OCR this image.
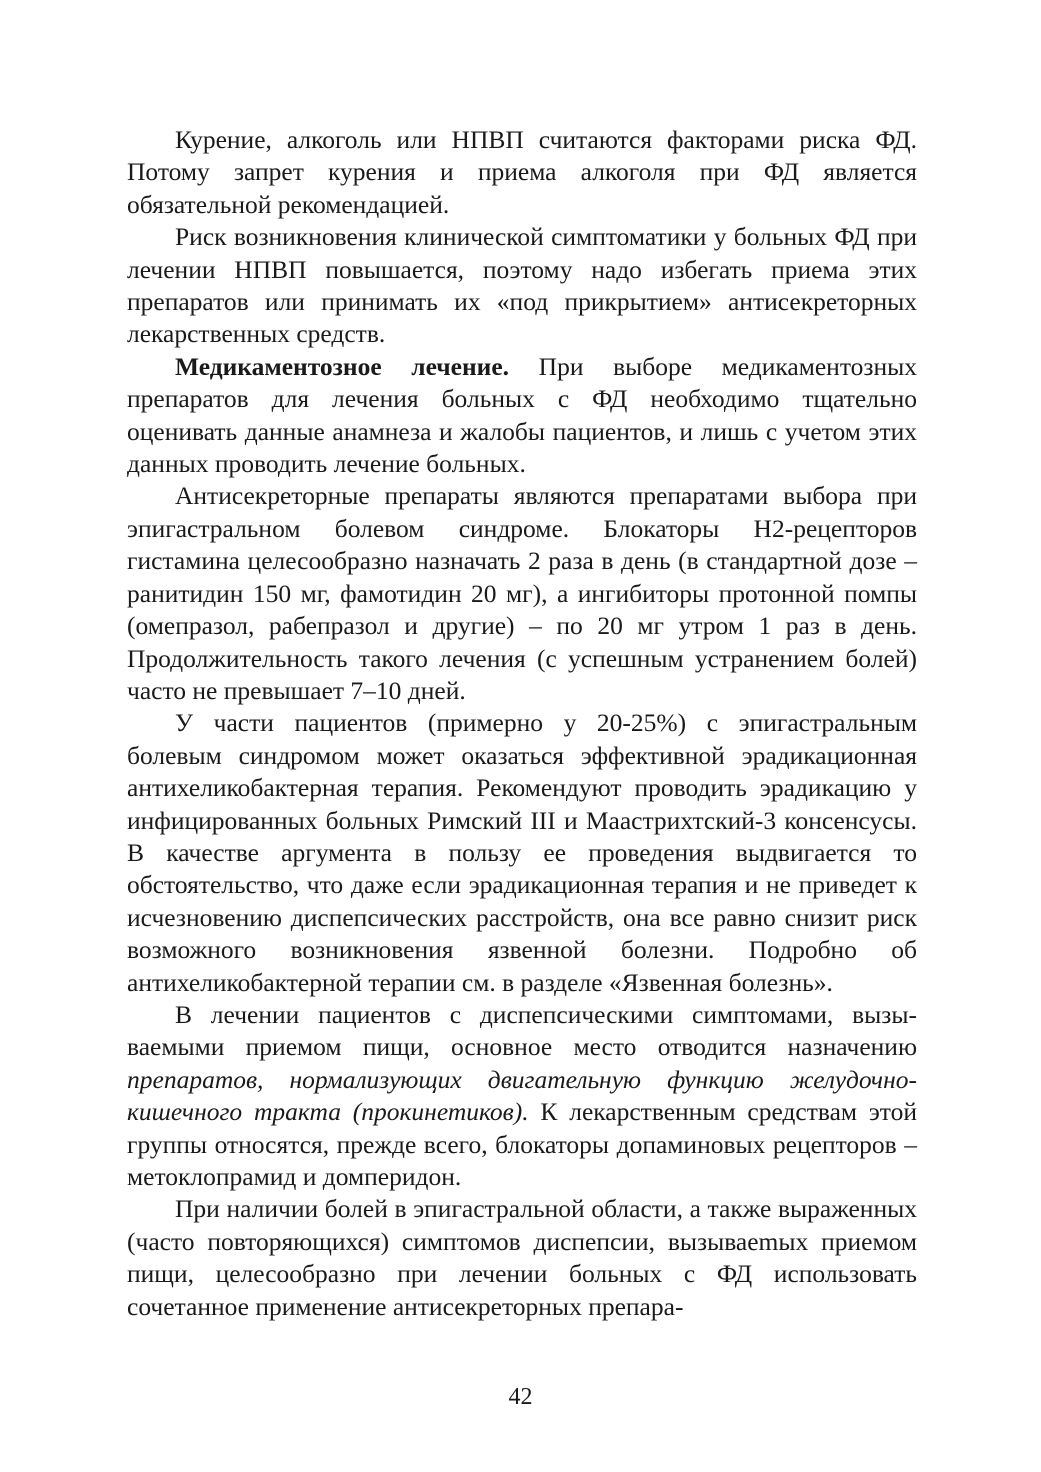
Курение, алкоголь или НПВП считаются факторами риска ФД. Потому запрет курения и приема алкоголя при ФД является обязательной рекомендацией.

Риск возникновения клинической симптоматики у больных ФД при лечении НПВП повышается, поэтому надо избегать приема этих препаратов или принимать их «под прикрытием» антисекреторных лекарственных средств.

Медикаментозное лечение. При выборе медикаментозных препаратов для лечения больных с ФД необходимо тщательно оценивать данные анамнеза и жалобы пациентов, и лишь с учетом этих данных проводить лечение больных.

Антисекреторные препараты являются препаратами выбора при эпигастральном болевом синдроме. Блокаторы H2-рецепторов гистамина целесообразно назначать 2 раза в день (в стандартной дозе – ранитидин 150 мг, фамотидин 20 мг), а ингибиторы протонной помпы (омепразол, рабепразол и другие) – по 20 мг утром 1 раз в день. Продолжительность такого лечения (с успешным устранением болей) часто не превышает 7–10 дней.

У части пациентов (примерно у 20-25%) с эпигастральным болевым синдромом может оказаться эффективной эрадикационная антихеликобактерная терапия. Рекомендуют проводить эрадикацию у инфицированных больных Римский III и Маастрихтский-3 консенсусы. В качестве аргумента в пользу ее проведения выдвигается то обстоятельство, что даже если эрадикационная терапия и не приведет к исчезновению диспепсических расстройств, она все равно снизит риск возможного возникновения язвенной болезни. Подробно об антихеликобактерной терапии см. в разделе «Язвенная болезнь».

В лечении пациентов с диспепсическими симптомами, вызываемыми приемом пищи, основное место отводится назначению препаратов, нормализующих двигательную функцию желудочно-кишечного тракта (прокинетиков). К лекарственным средствам этой группы относятся, прежде всего, блокаторы допаминовых рецепторов – метоклопрамид и домперидон.

При наличии болей в эпигастральной области, а также выраженных (часто повторяющихся) симптомов диспепсии, вызываеmых приемом пищи, целесообразно при лечении больных с ФД использовать сочетанное применение антисекреторных препара-

42
